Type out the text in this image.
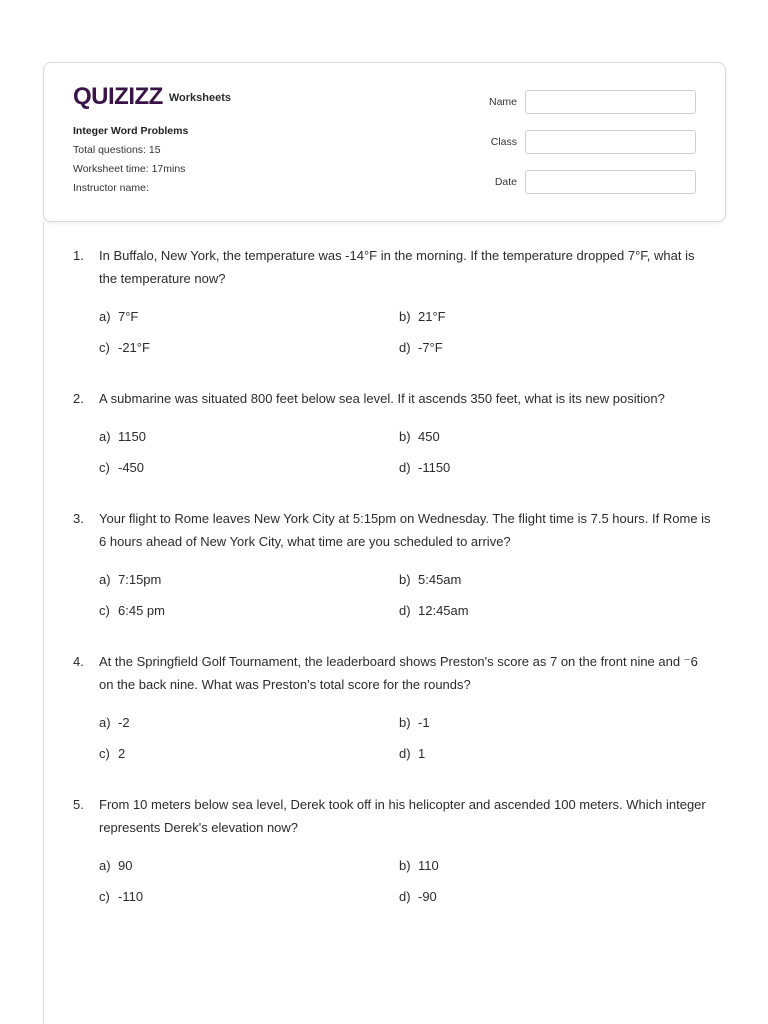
QUIZIZZ Worksheets
Integer Word Problems
Total questions: 15
Worksheet time: 17mins
Instructor name:
Name
Class
Date
1.	In Buffalo, New York, the temperature was -14°F in the morning. If the temperature dropped 7°F, what is the temperature now?
a) 7°F	b) 21°F
c) -21°F	d) -7°F
2.	A submarine was situated 800 feet below sea level. If it ascends 350 feet, what is its new position?
a) 1150	b) 450
c) -450	d) -1150
3.	Your flight to Rome leaves New York City at 5:15pm on Wednesday. The flight time is 7.5 hours. If Rome is 6 hours ahead of New York City, what time are you scheduled to arrive?
a) 7:15pm	b) 5:45am
c) 6:45 pm	d) 12:45am
4.	At the Springfield Golf Tournament, the leaderboard shows Preston's score as 7 on the front nine and ⁻6 on the back nine. What was Preston's total score for the rounds?
a) -2	b) -1
c) 2	d) 1
5.	From 10 meters below sea level, Derek took off in his helicopter and ascended 100 meters. Which integer represents Derek's elevation now?
a) 90	b) 110
c) -110	d) -90
